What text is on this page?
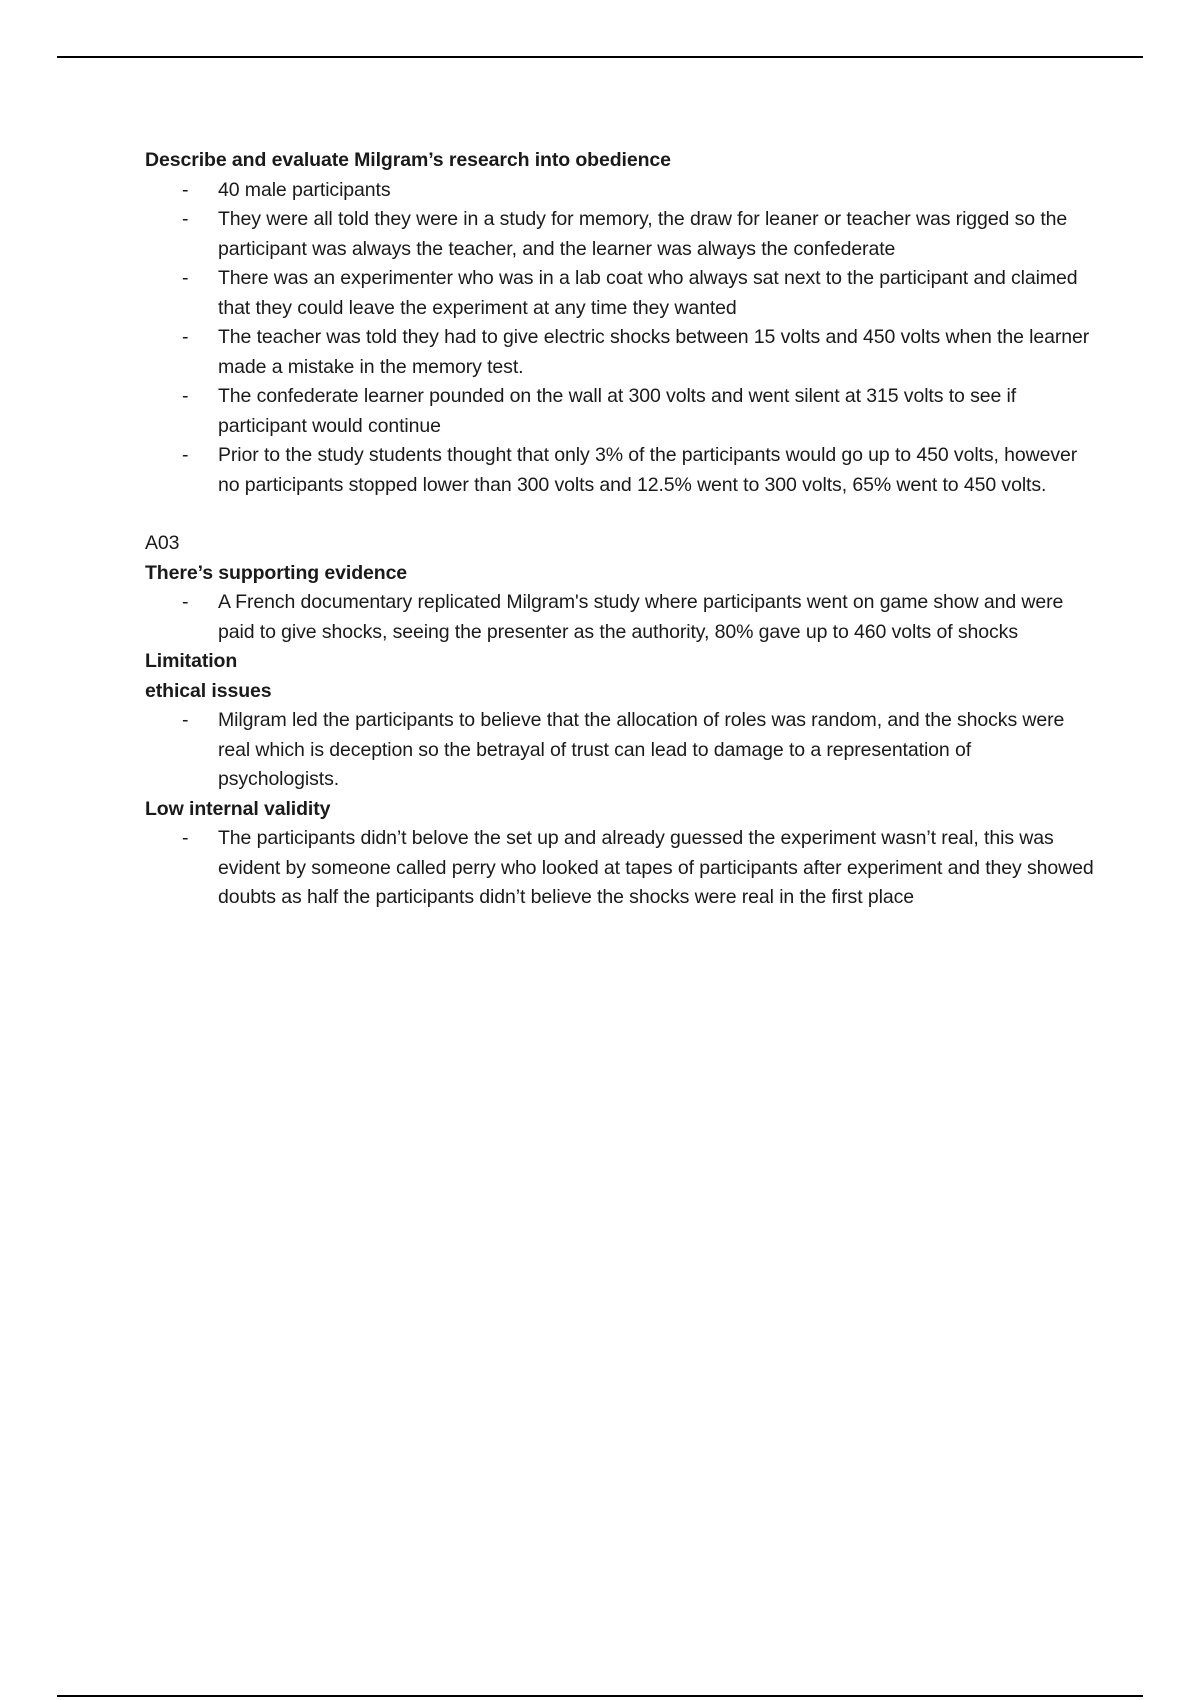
Describe and evaluate Milgram’s research into obedience

- 40 male participants
- They were all told they were in a study for memory, the draw for leaner or teacher was rigged so the participant was always the teacher, and the learner was always the confederate
- There was an experimenter who was in a lab coat who always sat next to the participant and claimed that they could leave the experiment at any time they wanted
- The teacher was told they had to give electric shocks between 15 volts and 450 volts when the learner made a mistake in the memory test.
- The confederate learner pounded on the wall at 300 volts and went silent at 315 volts to see if participant would continue
- Prior to the study students thought that only 3% of the participants would go up to 450 volts, however no participants stopped lower than 300 volts and 12.5% went to 300 volts, 65% went to 450 volts.

A03

There’s supporting evidence

- A French documentary replicated Milgram's study where participants went on game show and were paid to give shocks, seeing the presenter as the authority, 80% gave up to 460 volts of shocks

Limitation

ethical issues

- Milgram led the participants to believe that the allocation of roles was random, and the shocks were real which is deception so the betrayal of trust can lead to damage to a representation of psychologists.

Low internal validity

- The participants didn’t belove the set up and already guessed the experiment wasn’t real, this was evident by someone called perry who looked at tapes of participants after experiment and they showed doubts as half the participants didn’t believe the shocks were real in the first place
